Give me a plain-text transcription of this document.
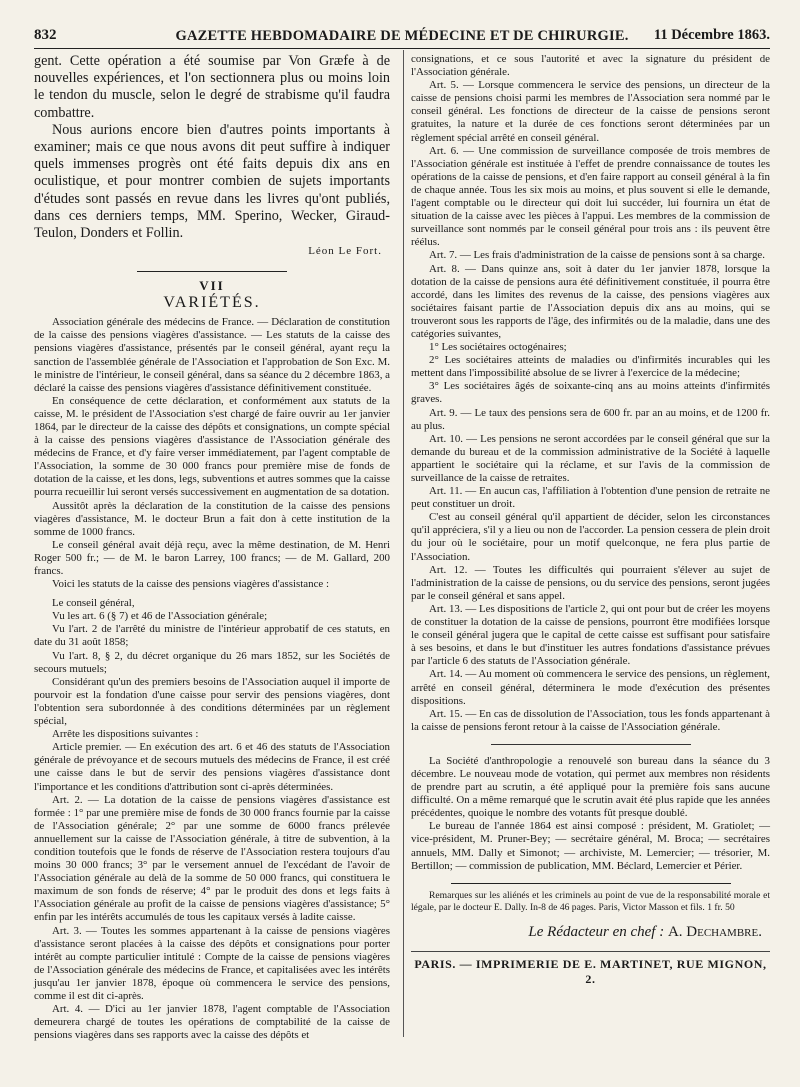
832	GAZETTE HEBDOMADAIRE DE MÉDECINE ET DE CHIRURGIE.	11 Décembre 1863.

gent. Cette opération a été soumise par Von Græfe à de nouvelles expériences, et l'on sectionnera plus ou moins loin le tendon du muscle, selon le degré de strabisme qu'il faudra combattre.

Nous aurions encore bien d'autres points importants à examiner; mais ce que nous avons dit peut suffire à indiquer quels immenses progrès ont été faits depuis dix ans en oculistique, et pour montrer combien de sujets importants d'études sont passés en revue dans les livres qu'ont publiés, dans ces derniers temps, MM. Sperino, Wecker, Giraud-Teulon, Donders et Follin.

Léon Le Fort.
VII
VARIÉTÉS.

Association générale des médecins de France. — Déclaration de constitution de la caisse des pensions viagères d'assistance. — Les statuts de la caisse des pensions viagères d'assistance, présentés par le conseil général, ayant reçu la sanction de l'assemblée générale de l'Association et l'approbation de Son Exc. M. le ministre de l'intérieur, le conseil général, dans sa séance du 2 décembre 1863, a déclaré la caisse des pensions viagères d'assistance définitivement constituée.

En conséquence de cette déclaration, et conformément aux statuts de la caisse, M. le président de l'Association s'est chargé de faire ouvrir au 1er janvier 1864, par le directeur de la caisse des dépôts et consignations, un compte spécial à la caisse des pensions viagères d'assistance de l'Association générale des médecins de France, et d'y faire verser immédiatement, par l'agent comptable de l'Association, la somme de 30 000 francs pour première mise de fonds de dotation de la caisse, et les dons, legs, subventions et autres sommes que la caisse pourra recueillir lui seront versés successivement en augmentation de sa dotation.

Aussitôt après la déclaration de la constitution de la caisse des pensions viagères d'assistance, M. le docteur Brun a fait don à cette institution de la somme de 1000 francs.

Le conseil général avait déjà reçu, avec la même destination, de M. Henri Roger 500 fr.; — de M. le baron Larrey, 100 francs; — de M. Gallard, 200 francs.

Voici les statuts de la caisse des pensions viagères d'assistance :

Le conseil général,

Vu les art. 6 (§ 7) et 46 de l'Association générale;

Vu l'art. 2 de l'arrêté du ministre de l'intérieur approbatif de ces statuts, en date du 31 août 1858;

Vu l'art. 8, § 2, du décret organique du 26 mars 1852, sur les Sociétés de secours mutuels;

Considérant qu'un des premiers besoins de l'Association auquel il importe de pourvoir est la fondation d'une caisse pour servir des pensions viagères, dont l'obtention sera subordonnée à des conditions déterminées par un règlement spécial,

Arrête les dispositions suivantes :

Article premier. — En exécution des art. 6 et 46 des statuts de l'Association générale de prévoyance et de secours mutuels des médecins de France, il est créé une caisse dans le but de servir des pensions viagères d'assistance dont l'importance et les conditions d'attribution sont ci-après déterminées.

Art. 2. — La dotation de la caisse de pensions viagères d'assistance est formée : 1° par une première mise de fonds de 30 000 francs fournie par la caisse de l'Association générale; 2° par une somme de 6000 francs prélevée annuellement sur la caisse de l'Association générale, à titre de subvention, à la condition toutefois que le fonds de réserve de l'Association restera toujours d'au moins 30 000 francs; 3° par le versement annuel de l'excédant de l'avoir de l'Association générale au delà de la somme de 50 000 francs, qui constituera le maximum de son fonds de réserve; 4° par le produit des dons et legs faits à l'Association générale au profit de la caisse de pensions viagères d'assistance; 5° enfin par les intérêts accumulés de tous les capitaux versés à ladite caisse.

Art. 3. — Toutes les sommes appartenant à la caisse de pensions viagères d'assistance seront placées à la caisse des dépôts et consignations pour porter intérêt au compte particulier intitulé : Compte de la caisse de pensions viagères de l'Association générale des médecins de France, et capitalisées avec les intérêts jusqu'au 1er janvier 1878, époque où commencera le service des pensions, comme il est dit ci-après.

Art. 4. — D'ici au 1er janvier 1878, l'agent comptable de l'Association demeurera chargé de toutes les opérations de comptabilité de la caisse de pensions viagères dans ses rapports avec la caisse des dépôts et

consignations, et ce sous l'autorité et avec la signature du président de l'Association générale.

Art. 5. — Lorsque commencera le service des pensions, un directeur de la caisse de pensions choisi parmi les membres de l'Association sera nommé par le conseil général. Les fonctions de directeur de la caisse de pensions seront gratuites, la nature et la durée de ces fonctions seront déterminées par un règlement spécial arrêté en conseil général.

Art. 6. — Une commission de surveillance composée de trois membres de l'Association générale est instituée à l'effet de prendre connaissance de toutes les opérations de la caisse de pensions, et d'en faire rapport au conseil général à la fin de chaque année. Tous les six mois au moins, et plus souvent si elle le demande, l'agent comptable ou le directeur qui doit lui succéder, lui fournira un état de situation de la caisse avec les pièces à l'appui. Les membres de la commission de surveillance sont nommés par le conseil général pour trois ans : ils peuvent être réélus.

Art. 7. — Les frais d'administration de la caisse de pensions sont à sa charge.

Art. 8. — Dans quinze ans, soit à dater du 1er janvier 1878, lorsque la dotation de la caisse de pensions aura été définitivement constituée, il pourra être accordé, dans les limites des revenus de la caisse, des pensions viagères aux sociétaires faisant partie de l'Association depuis dix ans au moins, qui se trouveront sous les rapports de l'âge, des infirmités ou de la maladie, dans une des catégories suivantes,

1° Les sociétaires octogénaires;

2° Les sociétaires atteints de maladies ou d'infirmités incurables qui les mettent dans l'impossibilité absolue de se livrer à l'exercice de la médecine;

3° Les sociétaires âgés de soixante-cinq ans au moins atteints d'infirmités graves.

Art. 9. — Le taux des pensions sera de 600 fr. par an au moins, et de 1200 fr. au plus.

Art. 10. — Les pensions ne seront accordées par le conseil général que sur la demande du bureau et de la commission administrative de la Société à laquelle appartient le sociétaire qui la réclame, et sur l'avis de la commission de surveillance de la caisse de retraites.

Art. 11. — En aucun cas, l'affiliation à l'obtention d'une pension de retraite ne peut constituer un droit.

C'est au conseil général qu'il appartient de décider, selon les circonstances qu'il appréciera, s'il y a lieu ou non de l'accorder. La pension cessera de plein droit du jour où le sociétaire, pour un motif quelconque, ne fera plus partie de l'Association.

Art. 12. — Toutes les difficultés qui pourraient s'élever au sujet de l'administration de la caisse de pensions, ou du service des pensions, seront jugées par le conseil général et sans appel.

Art. 13. — Les dispositions de l'article 2, qui ont pour but de créer les moyens de constituer la dotation de la caisse de pensions, pourront être modifiées lorsque le conseil général jugera que le capital de cette caisse est suffisant pour satisfaire à ses besoins, et dans le but d'instituer les autres fondations d'assistance prévues par l'article 6 des statuts de l'Association générale.

Art. 14. — Au moment où commencera le service des pensions, un règlement, arrêté en conseil général, déterminera le mode d'exécution des présentes dispositions.

Art. 15. — En cas de dissolution de l'Association, tous les fonds appartenant à la caisse de pensions feront retour à la caisse de l'Association générale.

La Société d'anthropologie a renouvelé son bureau dans la séance du 3 décembre. Le nouveau mode de votation, qui permet aux membres non résidents de prendre part au scrutin, a été appliqué pour la première fois sans aucune difficulté. On a même remarqué que le scrutin avait été plus rapide que les années précédentes, quoique le nombre des votants fût presque doublé.

Le bureau de l'année 1864 est ainsi composé : président, M. Gratiolet; — vice-président, M. Pruner-Bey; — secrétaire général, M. Broca; — secrétaires annuels, MM. Dally et Simonot; — archiviste, M. Lemercier; — trésorier, M. Bertillon; — commission de publication, MM. Béclard, Lemercier et Périer.

Remarques sur les aliénés et les criminels au point de vue de la responsabilité morale et légale, par le docteur E. Dally. In-8 de 46 pages. Paris, Victor Masson et fils. 1 fr. 50

Le Rédacteur en chef : A. Dechambre.
PARIS. — IMPRIMERIE DE E. MARTINET, RUE MIGNON, 2.
